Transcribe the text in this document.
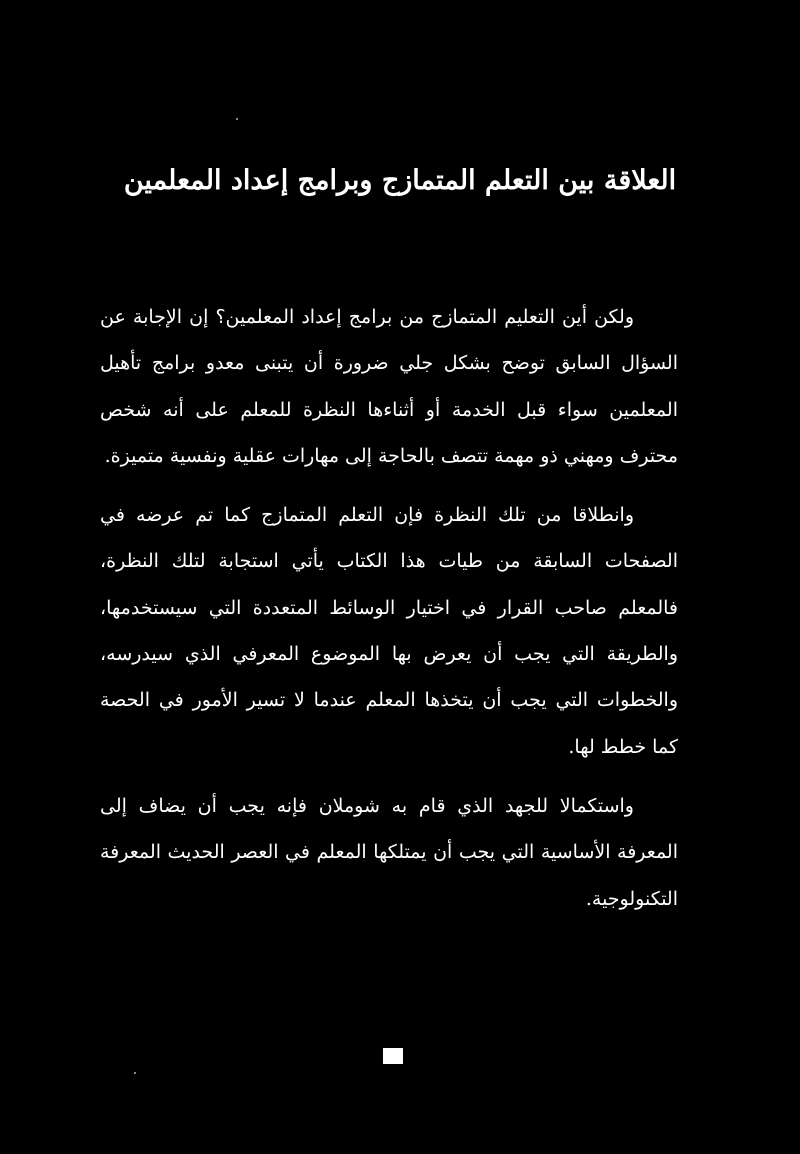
العلاقة بين التعلم المتمازج وبرامج إعداد المعلمين

ولكن أين التعليم المتمازج من برامج إعداد المعلمين؟ إن الإجابة عن السؤال السابق توضح بشكل جلي ضرورة أن يتبنى معدو برامج تأهيل المعلمين سواء قبل الخدمة أو أثناءها النظرة للمعلم على أنه شخص محترف ومهني ذو مهمة تتصف بالحاجة إلى مهارات عقلية ونفسية متميزة.

وانطلاقا من تلك النظرة فإن التعلم المتمازج كما تم عرضه في الصفحات السابقة من طيات هذا الكتاب يأتي استجابة لتلك النظرة، فالمعلم صاحب القرار في اختيار الوسائط المتعددة التي سيستخدمها، والطريقة التي يجب أن يعرض بها الموضوع المعرفي الذي سيدرسه، والخطوات التي يجب أن يتخذها المعلم عندما لا تسير الأمور في الحصة كما خطط لها.

واستكمالا للجهد الذي قام به شوملان فإنه يجب أن يضاف إلى المعرفة الأساسية التي يجب أن يمتلكها المعلم في العصر الحديث المعرفة التكنولوجية.
